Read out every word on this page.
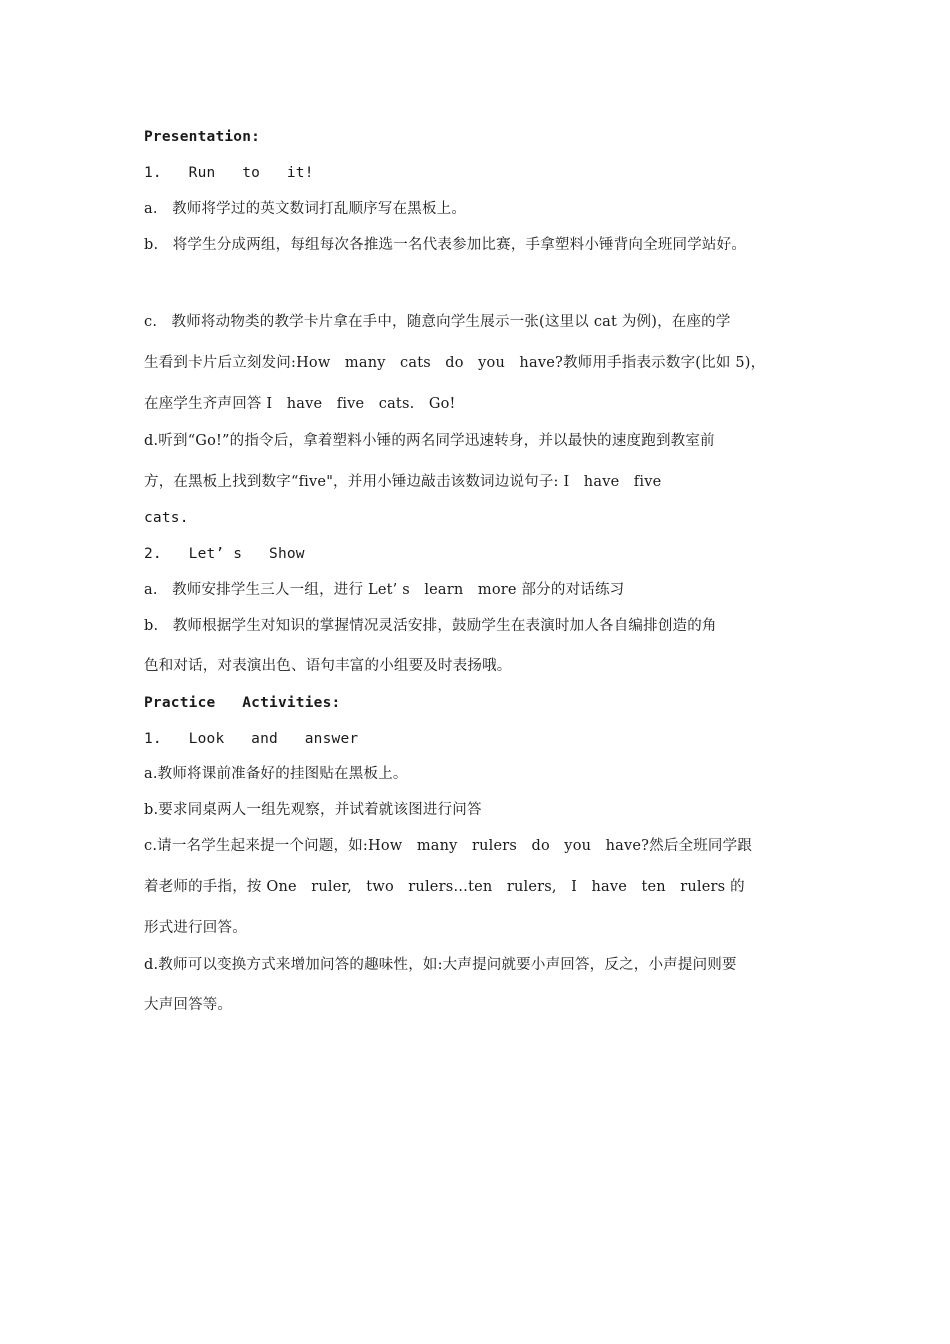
Presentation:
1.   Run   to   it!
a.   教师将学过的英文数词打乱顺序写在黑板上。
b.   将学生分成两组，每组每次各推选一名代表参加比赛，手拿塑料小锤背向全班同学站好。
c.   教师将动物类的教学卡片拿在手中，随意向学生展示一张(这里以 cat 为例)，在座的学
生看到卡片后立刻发问:How   many   cats   do   you   have?教师用手指表示数字(比如 5)，
在座学生齐声回答 I   have   five   cats.   Go!
d.听到“Go!”的指令后，拿着塑料小锤的两名同学迅速转身，并以最快的速度跑到教室前
方，在黑板上找到数字“five"，并用小锤边敲击该数词边说句子: I   have   five
cats.
2.   Let’ s   Show
a.   教师安排学生三人一组，进行 Let’ s   learn   more 部分的对话练习
b.   教师根据学生对知识的掌握情况灵活安排，鼓励学生在表演时加人各自编排创造的角
色和对话，对表演出色、语句丰富的小组要及时表扬哦。
Practice   Activities:
1.   Look   and   answer
a.教师将课前准备好的挂图贴在黑板上。
b.要求同桌两人一组先观察，并试着就该图进行问答
c.请一名学生起来提一个问题，如:How   many   rulers   do   you   have?然后全班同学跟
着老师的手指，按 One   ruler,   two   rulers…ten   rulers,   I   have   ten   rulers 的
形式进行回答。
d.教师可以变换方式来增加问答的趣味性，如:大声提问就要小声回答，反之，小声提问则要
大声回答等。
